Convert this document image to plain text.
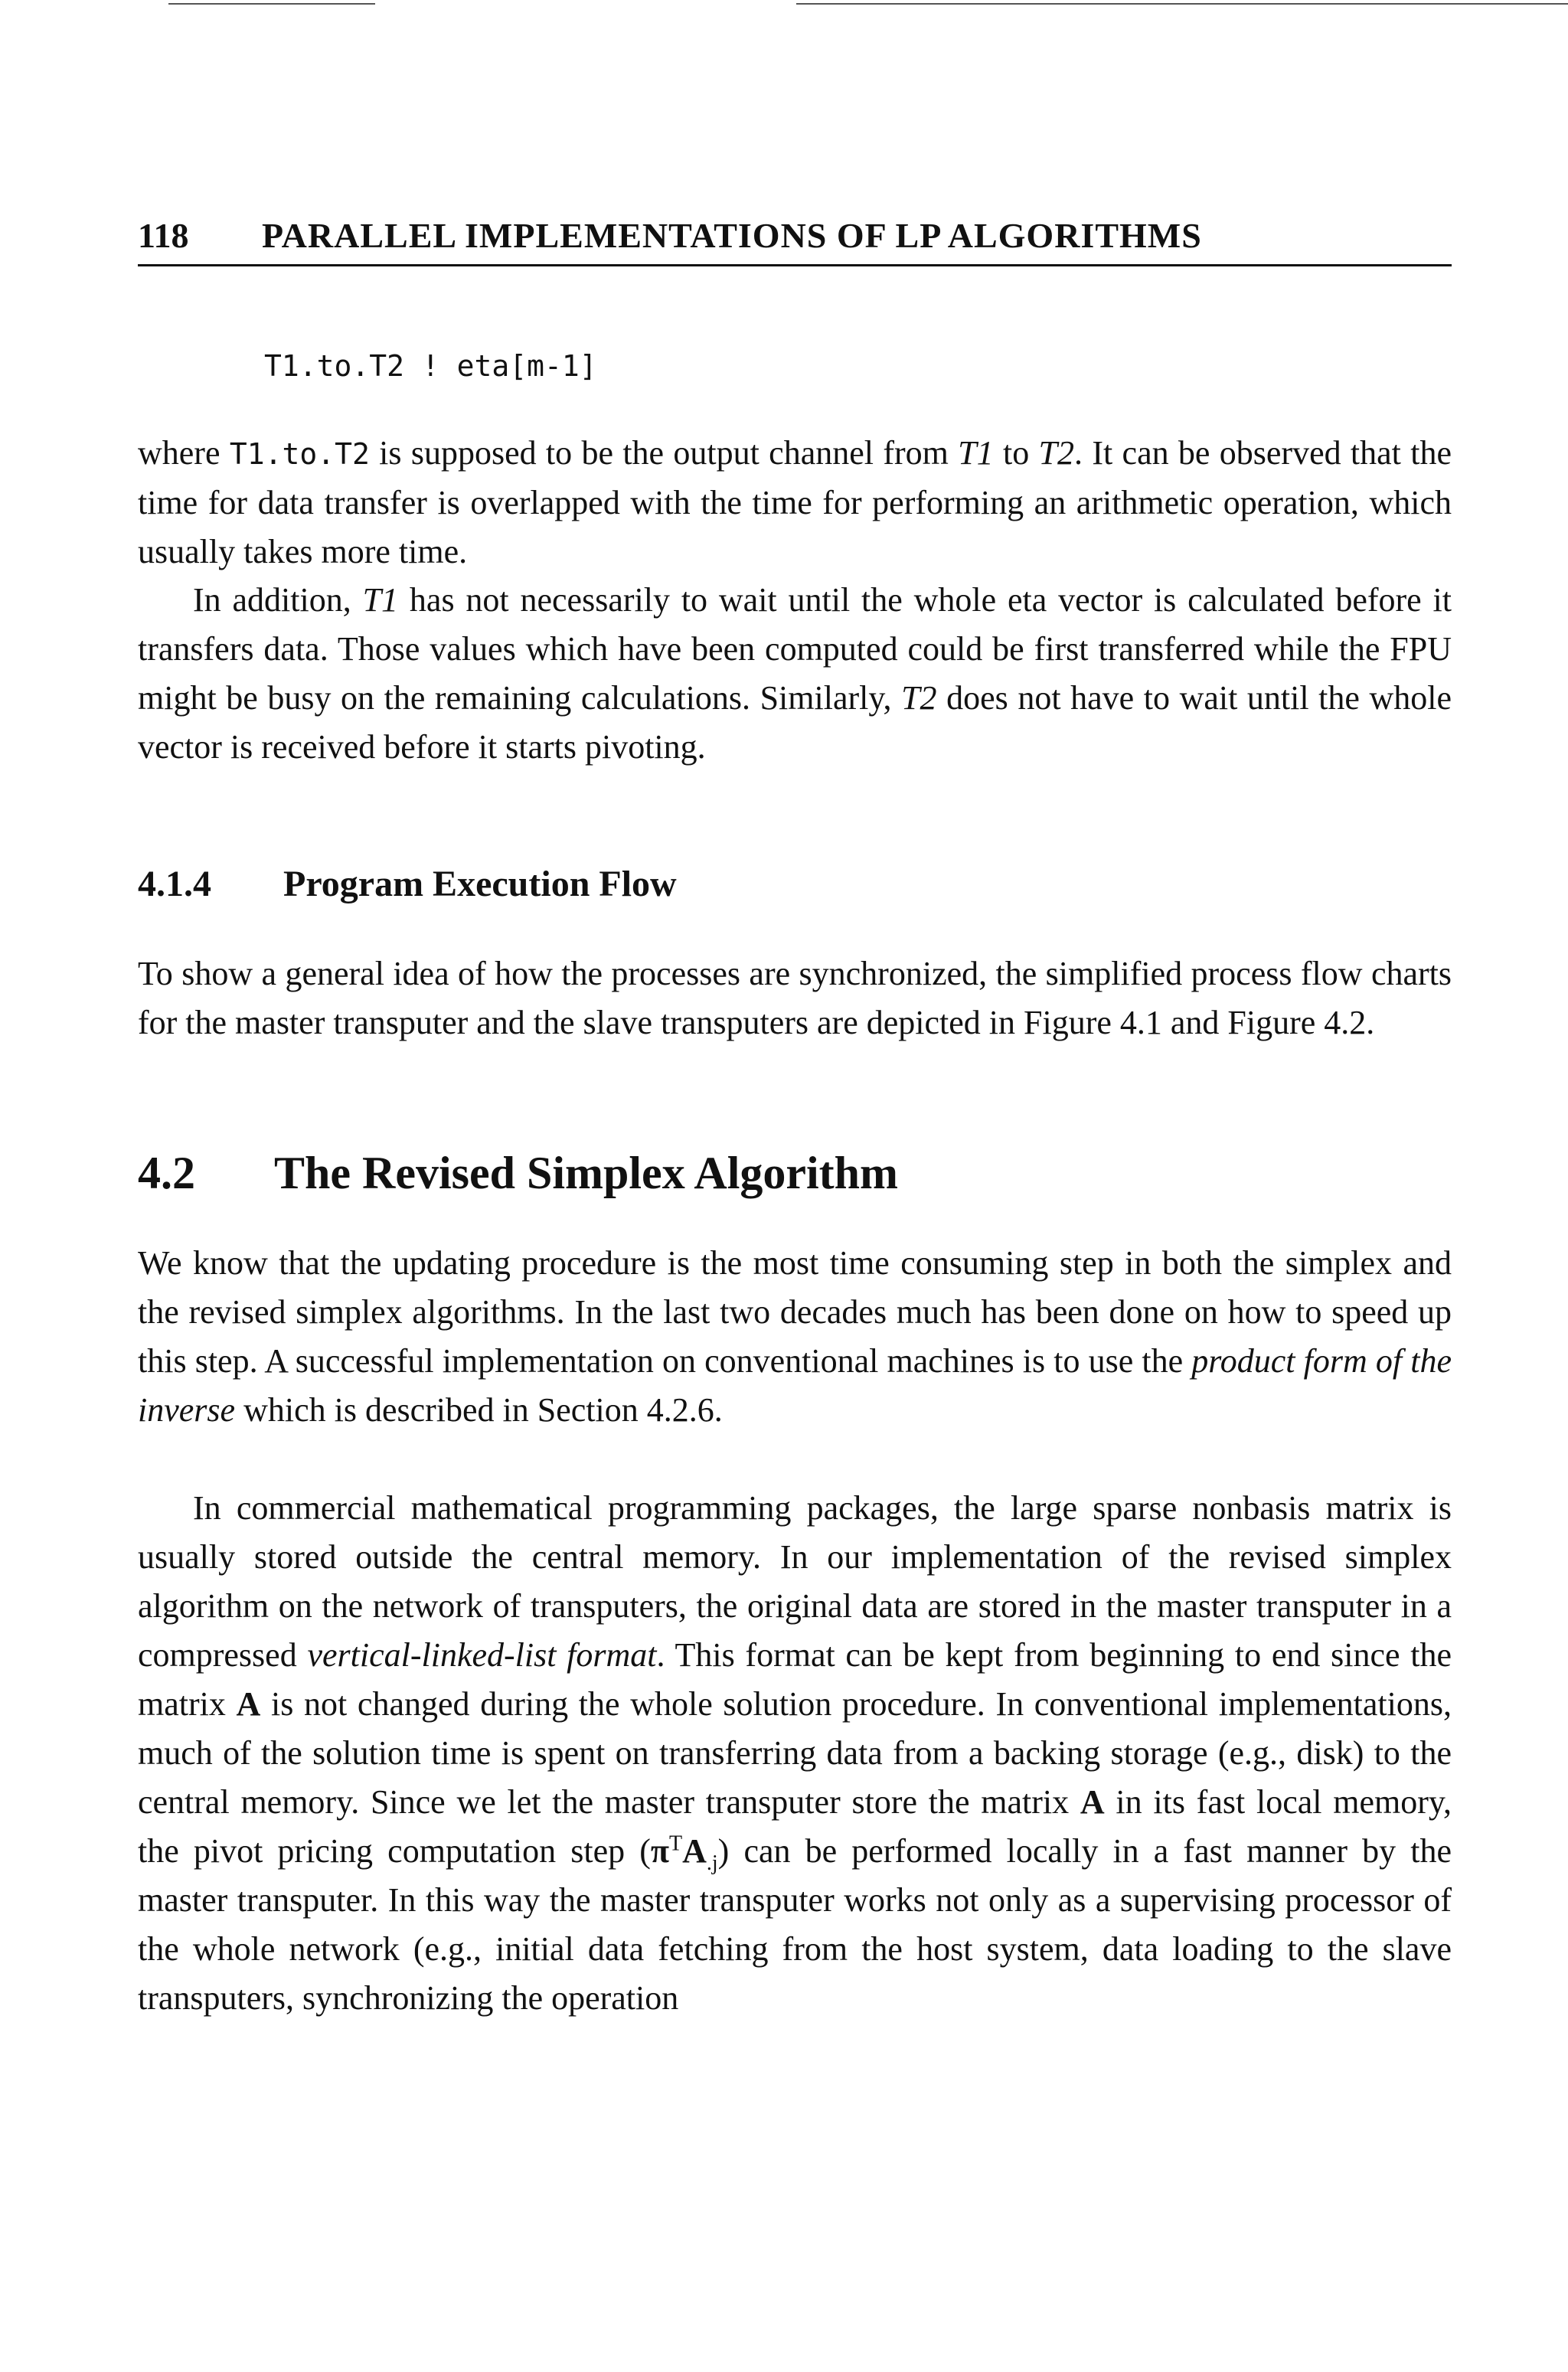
118 PARALLEL IMPLEMENTATIONS OF LP ALGORITHMS
T1.to.T2 ! eta[m-1]

where T1.to.T2 is supposed to be the output channel from T1 to T2. It can be observed that the time for data transfer is overlapped with the time for performing an arithmetic operation, which usually takes more time.

In addition, T1 has not necessarily to wait until the whole eta vector is calculated before it transfers data. Those values which have been computed could be first transferred while the FPU might be busy on the remaining calculations. Similarly, T2 does not have to wait until the whole vector is received before it starts pivoting.

4.1.4 Program Execution Flow

To show a general idea of how the processes are synchronized, the simplified process flow charts for the master transputer and the slave transputers are depicted in Figure 4.1 and Figure 4.2.

4.2 The Revised Simplex Algorithm

We know that the updating procedure is the most time consuming step in both the simplex and the revised simplex algorithms. In the last two decades much has been done on how to speed up this step. A successful implementation on conventional machines is to use the product form of the inverse which is described in Section 4.2.6.

In commercial mathematical programming packages, the large sparse nonbasis matrix is usually stored outside the central memory. In our implementation of the revised simplex algorithm on the network of transputers, the original data are stored in the master transputer in a compressed vertical-linked-list format. This format can be kept from beginning to end since the matrix A is not changed during the whole solution procedure. In conventional implementations, much of the solution time is spent on transferring data from a backing storage (e.g., disk) to the central memory. Since we let the master transputer store the matrix A in its fast local memory, the pivot pricing computation step $(\pi^TA_{.j})$ can be performed locally in a fast manner by the master transputer. In this way the master transputer works not only as a supervising processor of the whole network (e.g., initial data fetching from the host system, data loading to the slave transputers, synchronizing the operation
